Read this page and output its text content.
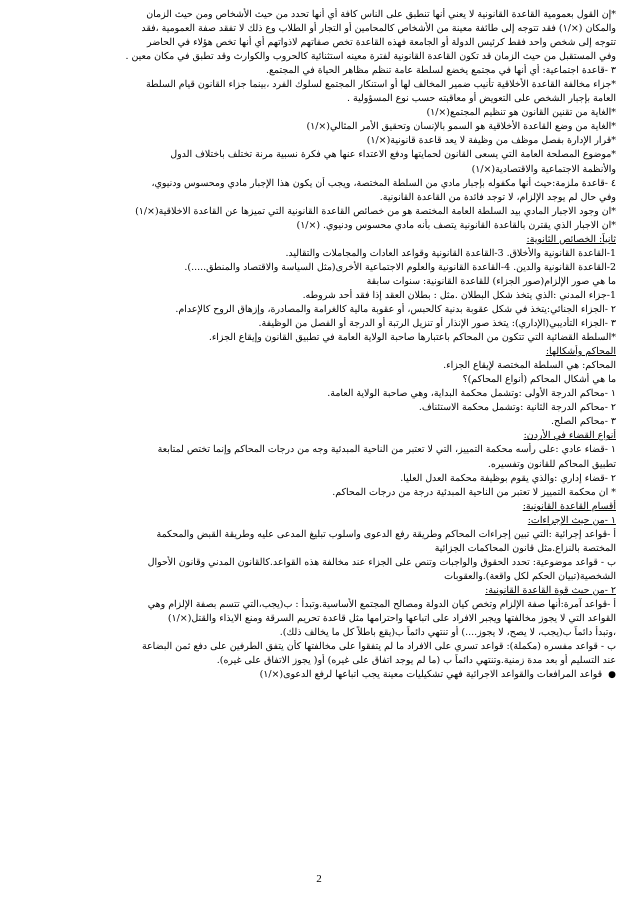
*إن القول بعمومية القاعدة القانونية لا يعني أنها تنطبق على الناس كافة أي أنها تحدد من حيث الأشخاص ومن حيث الزمان

والمكان (×/١) فقد تتوجه إلى طائفة معينة من الأشخاص كالمحامين أو التجار أو الطلاب وع ذلك لا تفقد صفة العمومية ،فقد

تتوجه إلى شخص واحد فقط كرئيس الدولة أو الجامعة فهذه القاعدة تخص صفاتهم لاذواتهم أي أنها تخص هؤلاء في الحاضر

وفي المستقبل من حيث الزمان قد تكون القاعدة القانونية لفترة معينه استثنائية كالحروب والكوارث وقد تطبق في مكان معين .

٣ -قاعدة اجتماعية: أي أنها في مجتمع يخضع لسلطة عامة تنظم مظاهر الحياة في المجتمع.

*جزاء مخالفة القاعدة الأخلاقية تأنيب ضمير المخالف لها أو استنكار المجتمع لسلوك الفرد ،بينما جزاء القانون قيام السلطة

العامة بإجبار الشخص على التعويض أو معاقبته حسب نوع المسؤولية .

*الغاية من تقنين القانون هو تنظيم المجتمع(×/١)

*الغاية من وضع القاعدة الأخلاقية هو السمو بالإنسان وتحقيق الأمر المثالي(×/١)

*قرار الإدارة بفصل موظف من وظيفة لا يعد قاعدة قانونية(×/١)

*موضوع المصلحة العامة التي يسعى القانون لحمايتها ودفع الاعتداء عنها هي فكرة نسبية مرنة تختلف باختلاف الدول

والأنظمة الاجتماعية والاقتصادية(×/١)

٤ -قاعدة ملزمة:حيث أنها مكفوله بإجبار مادي من السلطة المختصة، ويجب أن يكون هذا الإجبار مادي ومحسوس ودنيوي،

وفي حال لم يوجد الإلزام، لا توجد فائدة من القاعدة القانونية.

*ان وجود الاجبار المادي بيد السلطة العامة المختصة هو من خصائص القاعدة القانونية التي تميزها عن القاعدة الاخلاقية(×/١)

*ان الاجبار الذي يقترن بالقاعدة القانونية يتصف بأنه مادي محسوس ودنيوي. (×/١)

ثانياً: الخصائص الثانوية:

1-القاعدة القانونية والأخلاق. 3-القاعدة القانونية وقواعد العادات والمجاملات والتقاليد.

2-القاعدة القانونية والدين. 4-القاعدة القانونية والعلوم الاجتماعية الأخرى(مثل السياسة والاقتصاد والمنطق.....).

ما هي صور الإلزام(صور الجزاء) للقاعدة القانونية: سنوات سابقة

1-جزاء المدني :الذي يتخذ شكل البطلان .مثل : بطلان العقد إذا فقد أحد شروطه.

٢ -الجزاء الجنائي:يتخذ في شكل عقوبة بدنية كالحبس، أو عقوبة مالية كالغرامة والمصادرة، وإزهاق الروح كالإعدام.

٣ -الجزاء التأديبي(الإداري): يتخذ صور الإنذار أو تنزيل الرتبة أو الدرجة أو الفصل من الوظيفة.

*السلطة القضائية التي تتكون من المحاكم باعتبارها صاحبة الولاية العامة في تطبيق القانون وإيقاع الجزاء.

المحاكم وأشكالها:

المحاكم: هي السلطة المختصة لإيقاع الجزاء.

ما هي أشكال المحاكم (أنواع المحاكم)؟

١ -محاكم الدرجة الأولى :وتشمل محكمة البداية، وهي صاحبة الولاية العامة.

٢ -محاكم الدرجة الثانية :وتشمل محكمة الاستئناف.

٣ -محاكم الصلح.

أنواع القضاء في الأردن:

١ -قضاء عادي :على رأسه محكمة التمييز، التي لا تعتبر من الناحية المبدئية وجه من درجات المحاكم وإنما تختص لمتابعة

تطبيق المحاكم للقانون وتفسيره.

٢ -قضاء إداري :والذي يقوم بوظيفة محكمة العدل العليا.

* ان محكمة التمييز لا تعتبر من الناحية المبدئية درجة من درجات المحاكم.

أقسام القاعدة القانونية:

١ -من حيث الإجراءات:

أ -قواعد إجرائية :التي تبين إجراءات المحاكم وطريقة رفع الدعوى واسلوب تبليغ المدعى عليه وطريقة القبض والمحكمة

المختصة بالنزاع.مثل قانون المحاكمات الجزائية

ب - قواعد موضوعية: تحدد الحقوق والواجبات وتنص على الجزاء عند مخالفة هذه القواعد.كالقانون المدني وقانون الأحوال

الشخصية(تبيان الحكم لكل واقعة).والعقوبات

٢ -من حيث قوة القاعدة القانونية:

أ -قواعد آمرة:أنها صفة الإلزام وتخص كيان الدولة ومصالح المجتمع الأساسية.وتبدأ : ب(يجب،التي تتسم بصفة الإلزام وهي

القواعد التي لا يجوز مخالفتها ويجبر الافراد على اتباعها واحترامها مثل قاعدة تحريم السرقة ومنع الايذاء والقتل(×/١)

،وتبدأ دائماً ب(يجب، لا يصح، لا يجوز....) أو تنتهي دائماً ب(يقع باطلاً كل ما يخالف ذلك).

ب - قواعد مفسره (مكملة): قواعد تسري على الافراد ما لم يتفقوا على مخالفتها كأن يتفق الطرفين على دفع ثمن البضاعة

عند التسليم أو بعد مدة زمنية.وتنتهي دائماً ب (ما لم يوجد اتفاق على غيره) أو( يجوز الاتفاق على غيره).

●قواعد المرافعات والقواعد الاجرائية فهي تشكيليات معينة يجب اتباعها لرفع الدعوى(×/١)

2
